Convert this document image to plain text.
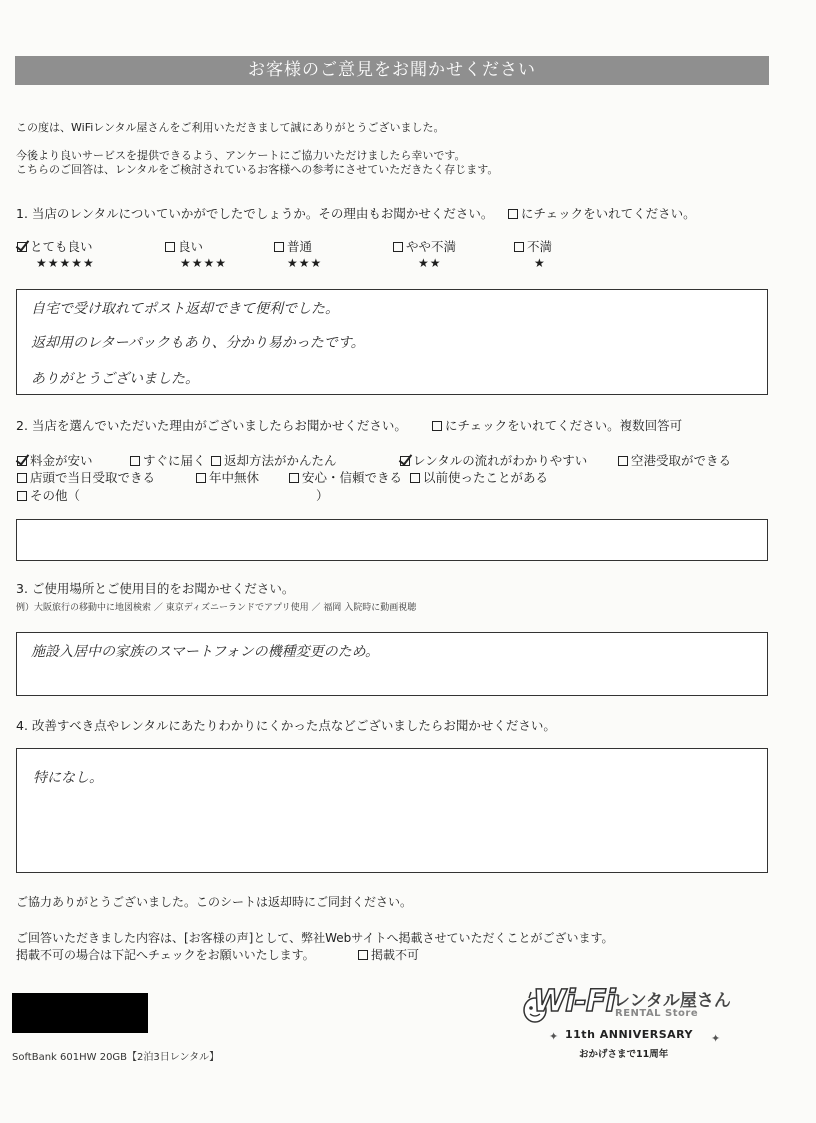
お客様のご意見をお聞かせください
この度は、WiFiレンタル屋さんをご利用いただきまして誠にありがとうございました。
今後より良いサービスを提供できるよう、アンケートにご協力いただけましたら幸いです。
こちらのご回答は、レンタルをご検討されているお客様への参考にさせていただきたく存じます。
1. 当店のレンタルについていかがでしたでしょうか。その理由もお聞かせください。	にチェックをいれてください。
とても良い
★★★★★
良い
★★★★
普通
★★★
やや不満
★★
不満
★
自宅で受け取れてポスト返却できて便利でした。
返却用のレターパックもあり、分かり易かったです。
ありがとうございました。
2. 当店を選んでいただいた理由がございましたらお聞かせください。	にチェックをいれてください。複数回答可
料金が安い	すぐに届く	返却方法がかんたん	レンタルの流れがわかりやすい	空港受取ができる
店頭で当日受取できる	年中無休	安心・信頼できる	以前使ったことがある
その他（	）
3. ご使用場所とご使用目的をお聞かせください。
例）大阪旅行の移動中に地図検索 ／ 東京ディズニーランドでアプリ使用 ／ 福岡 入院時に動画視聴
施設入居中の家族のスマートフォンの機種変更のため。
4. 改善すべき点やレンタルにあたりわかりにくかった点などございましたらお聞かせください。
特になし。
ご協力ありがとうございました。このシートは返却時にご同封ください。
ご回答いただきました内容は、[お客様の声]として、弊社Webサイトへ掲載させていただくことがございます。
掲載不可の場合は下記へチェックをお願いいたします。	掲載不可
SoftBank 601HW 20GB【2泊3日レンタル】
Wi-Fi
レンタル屋さん
RENTAL Store
✦	✦
11th ANNIVERSARY
おかげさまで11周年
